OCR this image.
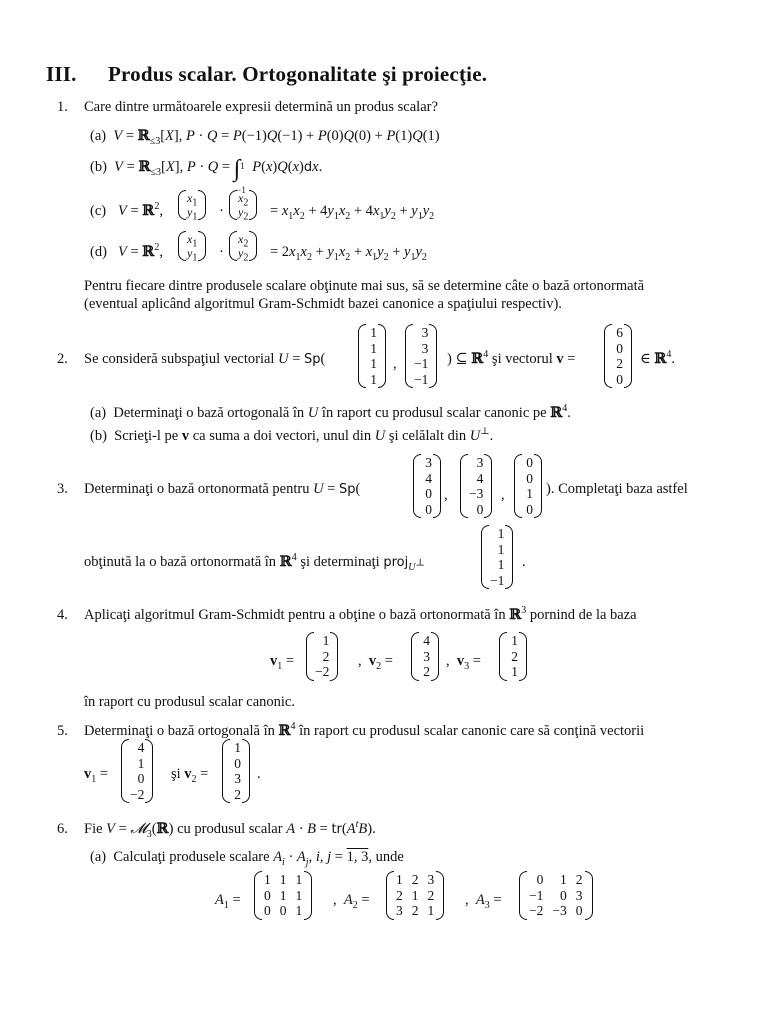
III. Produs scalar. Ortogonalitate şi proiecţie.
1. Care dintre următoarele expresii determină un produs scalar?
(a) V = ℝ$_{\le 3}$[X], P · Q = P(−1)Q(−1) + P(0)Q(0) + P(1)Q(1)
(b) V = ℝ$_{\le 3}$[X], P · Q = ∫ 1
−1
P(x)Q(x)dx.
(c) V = ℝ$^2$,
$x_1$
$y_1$ ·
$x_2$
$y_2 = x_1x_2 + 4y_1x_2 + 4x_1y_2 + y_1y_2$
(d) V = ℝ$^2$,
$x_1$
$y_1$ ·
$x_2$
$y_2 = 2x_1x_2 + y_1x_2 + x_1y_2 + y_1y_2$
Pentru fiecare dintre produsele scalare obţinute mai sus, să se determine câte o bază ortonormată
(eventual aplicând algoritmul Gram-Schmidt bazei canonice a spaţiului respectiv).
2. Se consideră subspaţiul vectorial U = Sp(
1
1
1
1
,
3
3
−1
−1
) ⊆ ℝ$^4$ şi vectorul v =
6
0
2
0
∈ ℝ$^4$.
(a) Determinaţi o bază ortogonală în U în raport cu produsul scalar canonic pe ℝ$^4$.
(b) Scrieţi-l pe v ca suma a doi vectori, unul din U şi celălalt din U⊥.
3. Determinaţi o bază ortonormată pentru U = Sp(
3
4
0
0
,
3
4
−3
0
,
0
0
1
0
). Completaţi baza astfel
obţinută la o bază ortonormată în ℝ$^4$ şi determinaţi proj$_{U^\perp}$
1
1
1
−1
.
4. Aplicaţi algoritmul Gram-Schmidt pentru a obţine o bază ortonormată în ℝ$^3$ pornind de la baza
$v_1$ =
1
2
−2
,  $v_2$ =
4
3
2
,  $v_3$ =
1
2
1
în raport cu produsul scalar canonic.
5. Determinaţi o bază ortogonală în ℝ$^4$ în raport cu produsul scalar canonic care să conţină vectorii
$v_1$ =
4
1
0
−2
şi $v_2$ =
1
0
3
2
.
6. Fie V = 𝓜$_3$(ℝ) cu produsul scalar $A \cdot B = tr(A^tB)$.
(a) Calculaţi produsele scalare $A_i \cdot A_j$, i, j = 1, 3, unde
$A_1$ =
1
0
0
1
1
0
1
1
1
,  $A_2$ =
1
2
3
2
1
2
3
2
1
,  $A_3$ =
0
−1
−2
1
0
−3
2
3
0
